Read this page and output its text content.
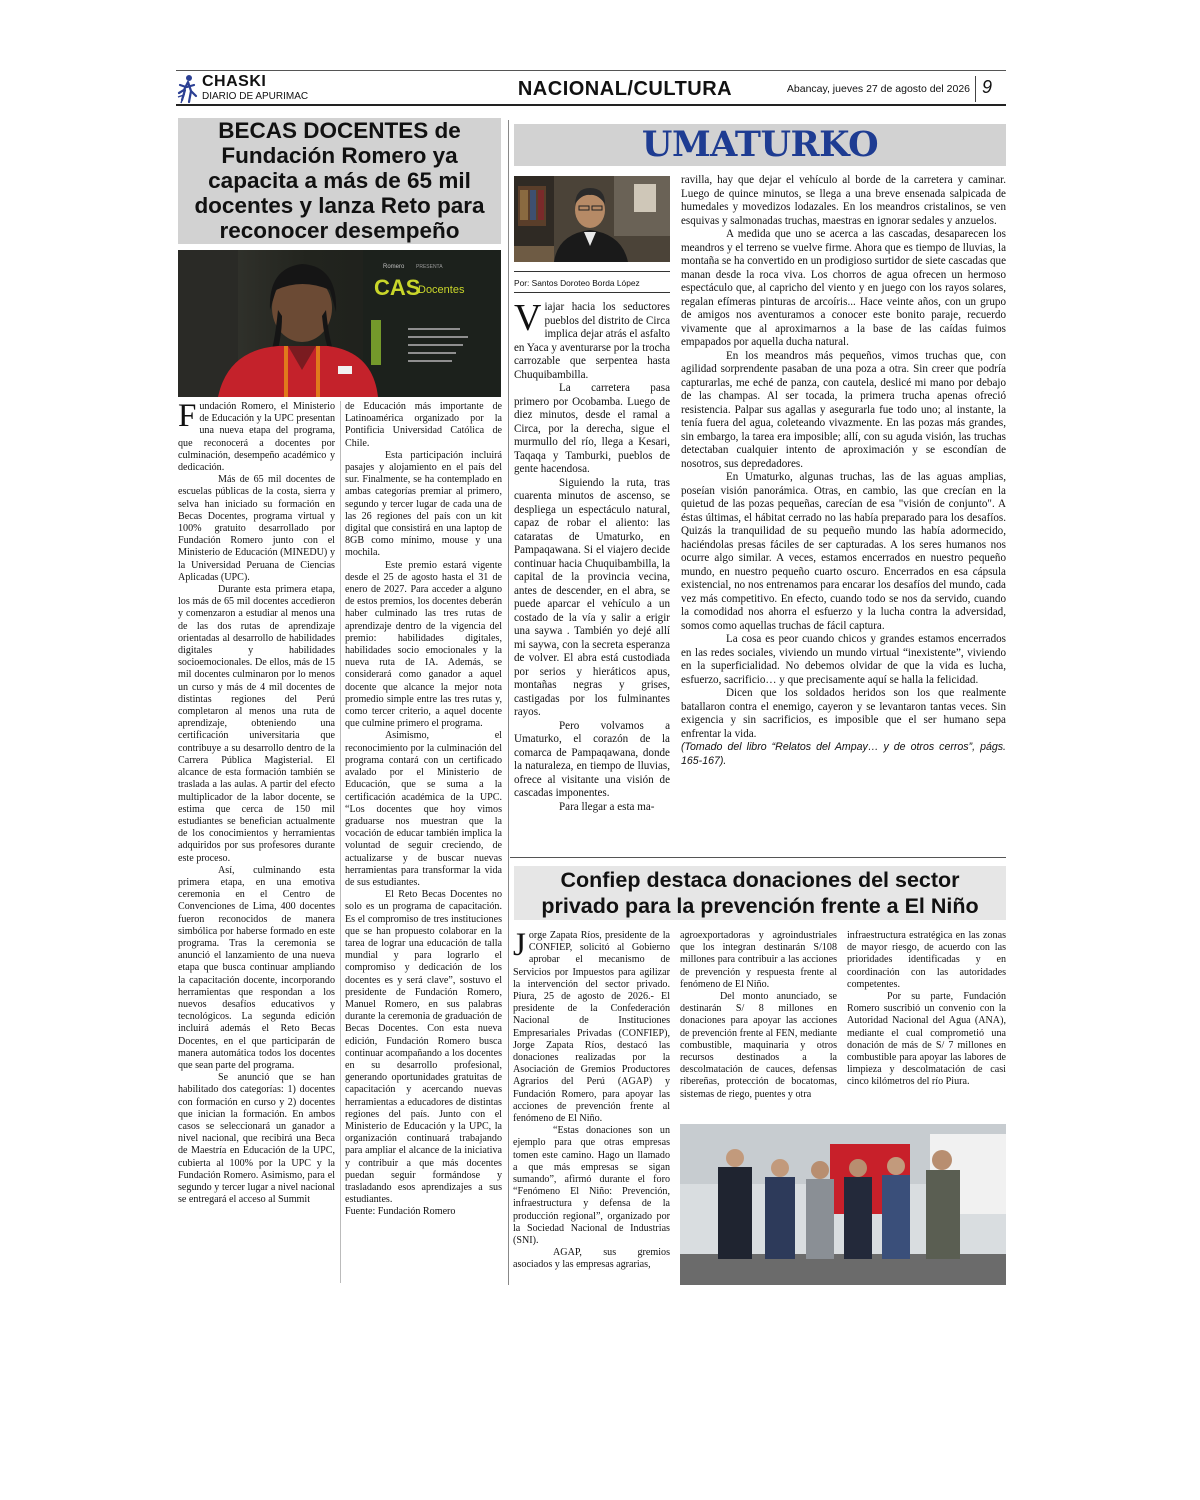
CHASKI
DIARIO DE APURIMAC	NACIONAL/CULTURA	Abancay, jueves 27 de agosto del 2026 9
BECAS DOCENTES de
Fundación Romero ya
capacita a más de 65 mil
docentes y lanza Reto para
reconocer desempeño
Romero PRESENTA
CAS
Docentes

Fundación Romero, el Ministerio de Educación y la UPC presentan una nueva etapa del programa, que reconocerá a docentes por culminación, desempeño académico y dedicación.

Más de 65 mil docentes de escuelas públicas de la costa, sierra y selva han iniciado su formación en Becas Docentes, programa virtual y 100% gratuito desarrollado por Fundación Romero junto con el Ministerio de Educación (MINEDU) y la Universidad Peruana de Ciencias Aplicadas (UPC).

Durante esta primera etapa, los más de 65 mil docentes accedieron y comenzaron a estudiar al menos una de las dos rutas de aprendizaje orientadas al desarrollo de habilidades digitales y habilidades socioemocionales. De ellos, más de 15 mil docentes culminaron por lo menos un curso y más de 4 mil docentes de distintas regiones del Perú completaron al menos una ruta de aprendizaje, obteniendo una certificación universitaria que contribuye a su desarrollo dentro de la Carrera Pública Magisterial. El alcance de esta formación también se traslada a las aulas. A partir del efecto multiplicador de la labor docente, se estima que cerca de 150 mil estudiantes se benefician actualmente de los conocimientos y herramientas adquiridos por sus profesores durante este proceso.

Así, culminando esta primera etapa, en una emotiva ceremonia en el Centro de Convenciones de Lima, 400 docentes fueron reconocidos de manera simbólica por haberse formado en este programa. Tras la ceremonia se anunció el lanzamiento de una nueva etapa que busca continuar ampliando la capacitación docente, incorporando herramientas que respondan a los nuevos desafíos educativos y tecnológicos. La segunda edición incluirá además el Reto Becas Docentes, en el que participarán de manera automática todos los docentes que sean parte del programa.

Se anunció que se han habilitado dos categorías: 1) docentes con formación en curso y 2) docentes que inician la formación. En ambos casos se seleccionará un ganador a nivel nacional, que recibirá una Beca de Maestría en Educación de la UPC, cubierta al 100% por la UPC y la Fundación Romero. Asimismo, para el segundo y tercer lugar a nivel nacional se entregará el acceso al Summit

de Educación más importante de Latinoamérica organizado por la Pontificia Universidad Católica de Chile.

Esta participación incluirá pasajes y alojamiento en el país del sur. Finalmente, se ha contemplado en ambas categorías premiar al primero, segundo y tercer lugar de cada una de las 26 regiones del país con un kit digital que consistirá en una laptop de 8GB como mínimo, mouse y una mochila.

Este premio estará vigente desde el 25 de agosto hasta el 31 de enero de 2027. Para acceder a alguno de estos premios, los docentes deberán haber culminado las tres rutas de aprendizaje dentro de la vigencia del premio: habilidades digitales, habilidades socio emocionales y la nueva ruta de IA. Además, se considerará como ganador a aquel docente que alcance la mejor nota promedio simple entre las tres rutas y, como tercer criterio, a aquel docente que culmine primero el programa.

Asimismo, el reconocimiento por la culminación del programa contará con un certificado avalado por el Ministerio de Educación, que se suma a la certificación académica de la UPC. “Los docentes que hoy vimos graduarse nos muestran que la vocación de educar también implica la voluntad de seguir creciendo, de actualizarse y de buscar nuevas herramientas para transformar la vida de sus estudiantes.

El Reto Becas Docentes no solo es un programa de capacitación. Es el compromiso de tres instituciones que se han propuesto colaborar en la tarea de lograr una educación de talla mundial y para lograrlo el compromiso y dedicación de los docentes es y será clave”, sostuvo el presidente de Fundación Romero, Manuel Romero, en sus palabras durante la ceremonia de graduación de Becas Docentes. Con esta nueva edición, Fundación Romero busca continuar acompañando a los docentes en su desarrollo profesional, generando oportunidades gratuitas de capacitación y acercando nuevas herramientas a educadores de distintas regiones del país. Junto con el Ministerio de Educación y la UPC, la organización continuará trabajando para ampliar el alcance de la iniciativa y contribuir a que más docentes puedan seguir formándose y trasladando esos aprendizajes a sus estudiantes.

Fuente: Fundación Romero

UMATURKO
Por: Santos Doroteo Borda López

Viajar hacia los seductores pueblos del distrito de Circa implica dejar atrás el asfalto en Yaca y aventurarse por la trocha carrozable que serpentea hasta Chuquibambilla.

La carretera pasa primero por Ocobamba. Luego de diez minutos, desde el ramal a Circa, por la derecha, sigue el murmullo del río, llega a Kesari, Taqaqa y Tamburki, pueblos de gente hacendosa.

Siguiendo la ruta, tras cuarenta minutos de ascenso, se despliega un espectáculo natural, capaz de robar el aliento: las cataratas de Umaturko, en Pampaqawana. Si el viajero decide continuar hacia Chuquibambilla, la capital de la provincia vecina, antes de descender, en el abra, se puede aparcar el vehículo a un costado de la vía y salir a erigir una saywa . También yo dejé allí mi saywa, con la secreta esperanza de volver. El abra está custodiada por serios y hieráticos apus, montañas negras y grises, castigadas por los fulminantes rayos.

Pero volvamos a Umaturko, el corazón de la comarca de Pampaqawana, donde la naturaleza, en tiempo de lluvias, ofrece al visitante una visión de cascadas imponentes.

Para llegar a esta ma-

ravilla, hay que dejar el vehículo al borde de la carretera y caminar. Luego de quince minutos, se llega a una breve ensenada salpicada de humedales y movedizos lodazales. En los meandros cristalinos, se ven esquivas y salmonadas truchas, maestras en ignorar sedales y anzuelos.

A medida que uno se acerca a las cascadas, desaparecen los meandros y el terreno se vuelve firme. Ahora que es tiempo de lluvias, la montaña se ha convertido en un prodigioso surtidor de siete cascadas que manan desde la roca viva. Los chorros de agua ofrecen un hermoso espectáculo que, al capricho del viento y en juego con los rayos solares, regalan efímeras pinturas de arcoíris... Hace veinte años, con un grupo de amigos nos aventuramos a conocer este bonito paraje, recuerdo vivamente que al aproximarnos a la base de las caídas fuimos empapados por aquella ducha natural.

En los meandros más pequeños, vimos truchas que, con agilidad sorprendente pasaban de una poza a otra. Sin creer que podría capturarlas, me eché de panza, con cautela, deslicé mi mano por debajo de las champas. Al ser tocada, la primera trucha apenas ofreció resistencia. Palpar sus agallas y asegurarla fue todo uno; al instante, la tenía fuera del agua, coleteando vivazmente. En las pozas más grandes, sin embargo, la tarea era imposible; allí, con su aguda visión, las truchas detectaban cualquier intento de aproximación y se escondían de nosotros, sus depredadores.

En Umaturko, algunas truchas, las de las aguas amplias, poseían visión panorámica. Otras, en cambio, las que crecían en la quietud de las pozas pequeñas, carecían de esa "visión de conjunto". A éstas últimas, el hábitat cerrado no las había preparado para los desafíos. Quizás la tranquilidad de su pequeño mundo las había adormecido, haciéndolas presas fáciles de ser capturadas. A los seres humanos nos ocurre algo similar. A veces, estamos encerrados en nuestro pequeño mundo, en nuestro pequeño cuarto oscuro. Encerrados en esa cápsula existencial, no nos entrenamos para encarar los desafíos del mundo, cada vez más competitivo. En efecto, cuando todo se nos da servido, cuando la comodidad nos ahorra el esfuerzo y la lucha contra la adversidad, somos como aquellas truchas de fácil captura.

La cosa es peor cuando chicos y grandes estamos encerrados en las redes sociales, viviendo un mundo virtual “inexistente”, viviendo en la superficialidad. No debemos olvidar de que la vida es lucha, esfuerzo, sacrificio… y que precisamente aquí se halla la felicidad.

Dicen que los soldados heridos son los que realmente batallaron contra el enemigo, cayeron y se levantaron tantas veces. Sin exigencia y sin sacrificios, es imposible que el ser humano sepa enfrentar la vida.

(Tomado del libro “Relatos del Ampay… y de otros cerros”, págs. 165-167).

Confiep destaca donaciones del sector
privado para la prevención frente a El Niño

Jorge Zapata Ríos, presidente de la CONFIEP, solicitó al Gobierno aprobar el mecanismo de Servicios por Impuestos para agilizar la intervención del sector privado. Piura, 25 de agosto de 2026.- El presidente de la Confederación Nacional de Instituciones Empresariales Privadas (CONFIEP), Jorge Zapata Ríos, destacó las donaciones realizadas por la Asociación de Gremios Productores Agrarios del Perú (AGAP) y Fundación Romero, para apoyar las acciones de prevención frente al fenómeno de El Niño.

“Estas donaciones son un ejemplo para que otras empresas tomen este camino. Hago un llamado a que más empresas se sigan sumando”, afirmó durante el foro “Fenómeno El Niño: Prevención, infraestructura y defensa de la producción regional”, organizado por la Sociedad Nacional de Industrias (SNI).

AGAP, sus gremios asociados y las empresas agrarias,

agroexportadoras y agroindustriales que los integran destinarán S/108 millones para contribuir a las acciones de prevención y respuesta frente al fenómeno de El Niño.

Del monto anunciado, se destinarán S/ 8 millones en donaciones para apoyar las acciones de prevención frente al FEN, mediante combustible, maquinaria y otros recursos destinados a la descolmatación de cauces, defensas ribereñas, protección de bocatomas, sistemas de riego, puentes y otra

infraestructura estratégica en las zonas de mayor riesgo, de acuerdo con las prioridades identificadas y en coordinación con las autoridades competentes.

Por su parte, Fundación Romero suscribió un convenio con la Autoridad Nacional del Agua (ANA), mediante el cual comprometió una donación de más de S/ 7 millones en combustible para apoyar las labores de limpieza y descolmatación de casi cinco kilómetros del río Piura.
